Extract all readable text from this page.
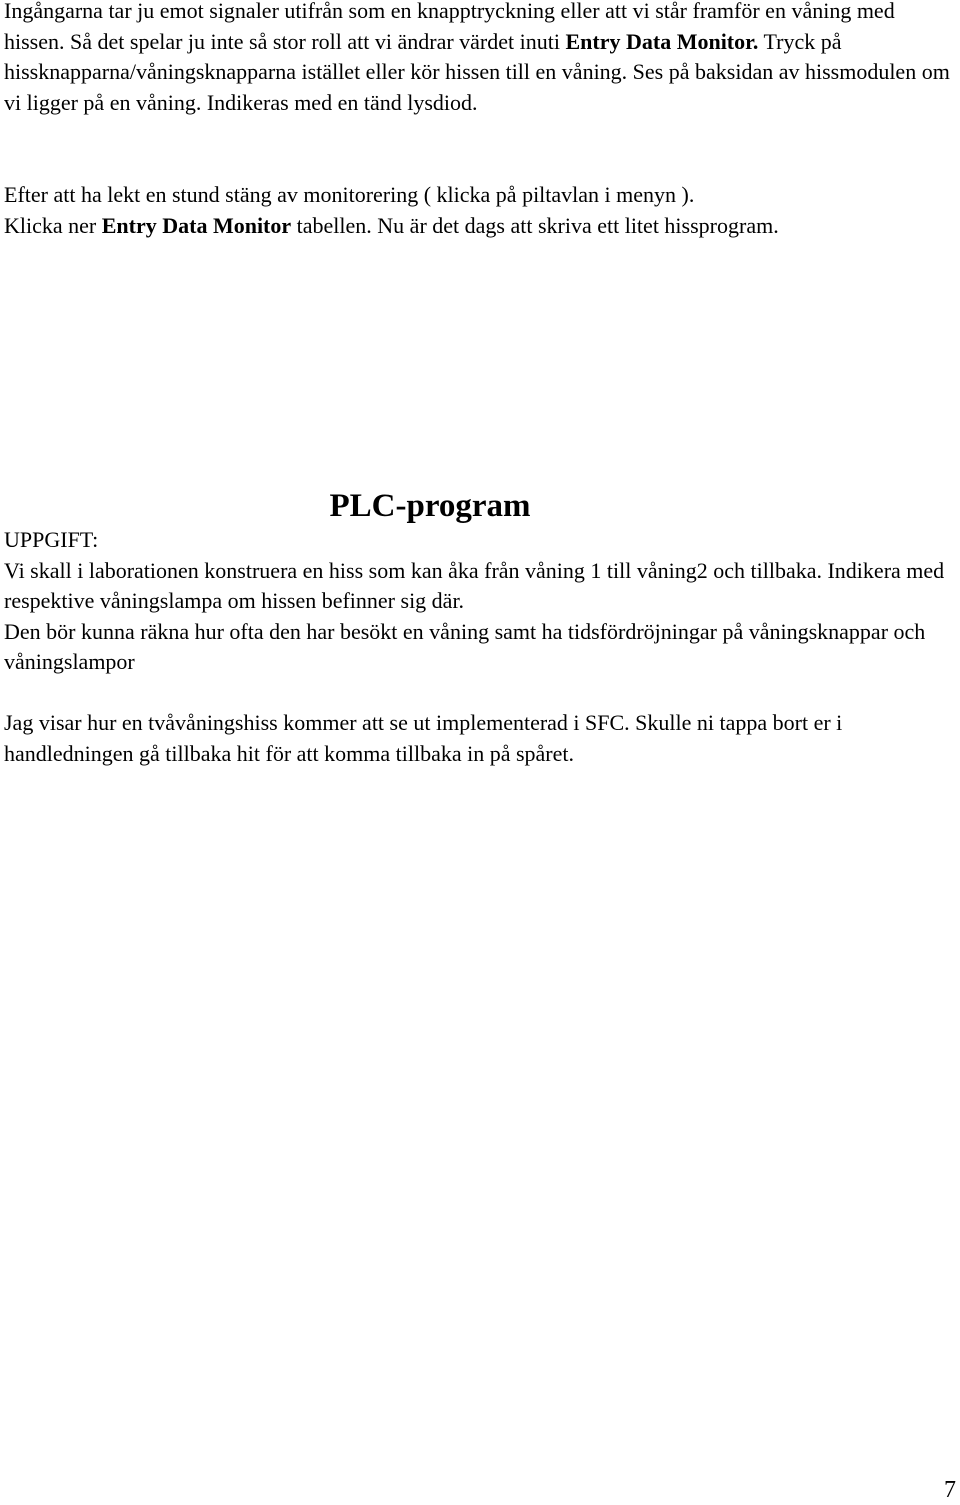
Ingångarna tar ju emot signaler utifrån som en knapptryckning eller att vi står framför en våning med hissen. Så det spelar ju inte så stor roll att vi ändrar värdet inuti Entry Data Monitor. Tryck på hissknapparna/våningsknapparna istället eller kör hissen till en våning. Ses på baksidan av hissmodulen om vi ligger på en våning. Indikeras med en tänd lysdiod.

Efter att ha lekt en stund stäng av monitorering ( klicka på piltavlan i menyn ).
Klicka ner Entry Data Monitor tabellen. Nu är det dags att skriva ett litet hissprogram.

PLC-program

UPPGIFT:
Vi skall i laborationen konstruera en hiss som kan åka från våning 1 till våning2 och tillbaka. Indikera med respektive våningslampa om hissen befinner sig där.
Den bör kunna räkna hur ofta den har besökt en våning samt ha tidsfördröjningar på våningsknappar och våningslampor

Jag visar hur en tvåvåningshiss kommer att se ut implementerad i SFC. Skulle ni tappa bort er i handledningen gå tillbaka hit för att komma tillbaka in på spåret.

7
